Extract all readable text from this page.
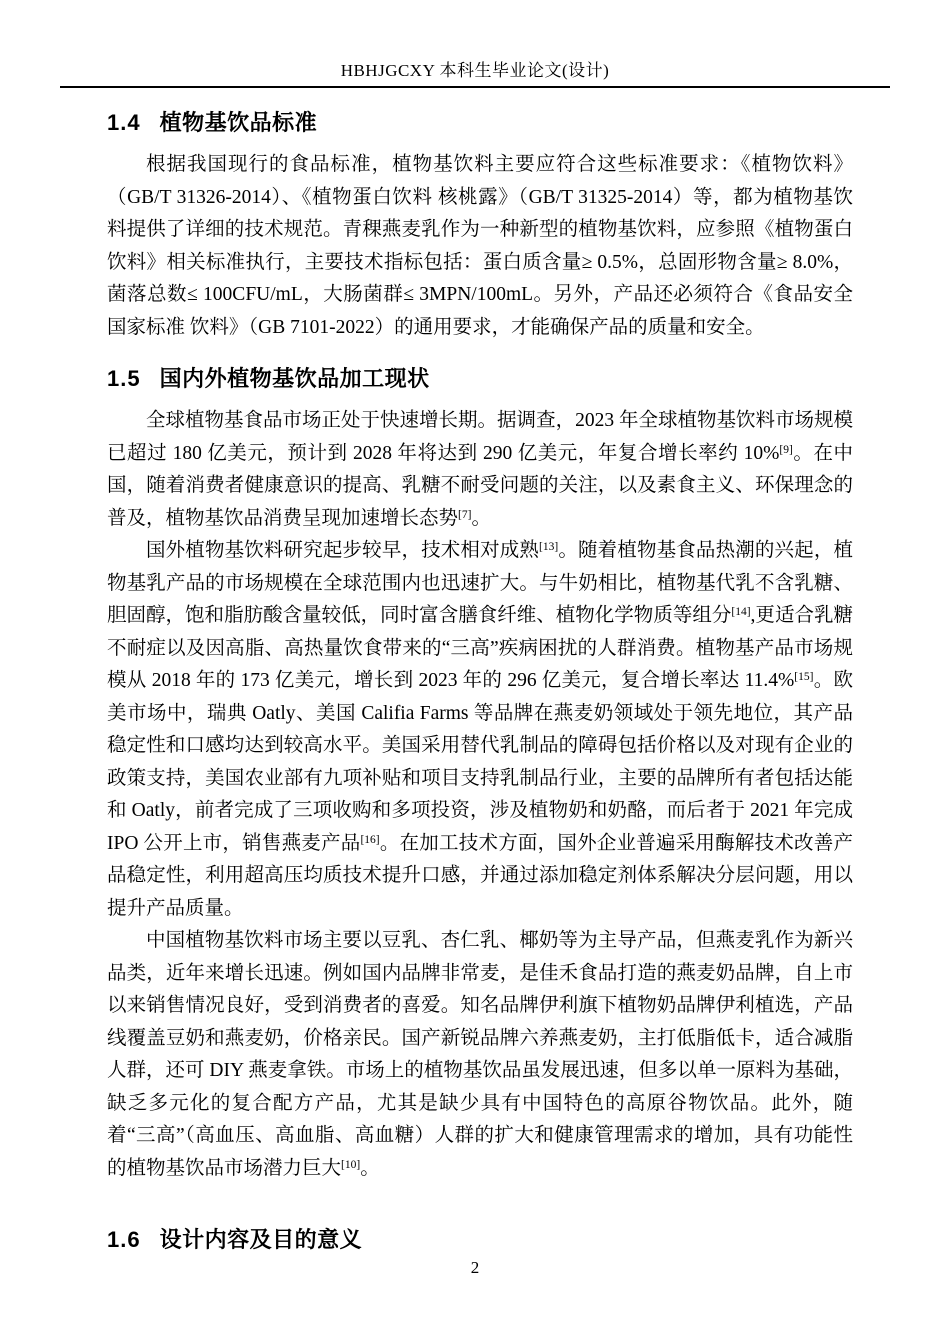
HBHJGCXY 本科生毕业论文(设计)
1.4 植物基饮品标准

根据我国现行的食品标准，植物基饮料主要应符合这些标准要求：《植物饮料》（GB/T 31326-2014）、《植物蛋白饮料 核桃露》（GB/T 31325-2014）等，都为植物基饮料提供了详细的技术规范。青稞燕麦乳作为一种新型的植物基饮料，应参照《植物蛋白饮料》相关标准执行，主要技术指标包括：蛋白质含量≥ 0.5%，总固形物含量≥ 8.0%，菌落总数≤ 100CFU/mL，大肠菌群≤ 3MPN/100mL。另外，产品还必须符合《食品安全国家标准 饮料》（GB 7101-2022）的通用要求，才能确保产品的质量和安全。

1.5 国内外植物基饮品加工现状

全球植物基食品市场正处于快速增长期。据调查，2023 年全球植物基饮料市场规模已超过 180 亿美元，预计到 2028 年将达到 290 亿美元，年复合增长率约 10%[9]。在中国，随着消费者健康意识的提高、乳糖不耐受问题的关注，以及素食主义、环保理念的普及，植物基饮品消费呈现加速增长态势[7]。

国外植物基饮料研究起步较早，技术相对成熟[13]。随着植物基食品热潮的兴起，植物基乳产品的市场规模在全球范围内也迅速扩大。与牛奶相比，植物基代乳不含乳糖、胆固醇，饱和脂肪酸含量较低，同时富含膳食纤维、植物化学物质等组分[14],更适合乳糖不耐症以及因高脂、高热量饮食带来的“三高”疾病困扰的人群消费。植物基产品市场规模从 2018 年的 173 亿美元，增长到 2023 年的 296 亿美元，复合增长率达 11.4%[15]。欧美市场中，瑞典 Oatly、美国 Califia Farms 等品牌在燕麦奶领域处于领先地位，其产品稳定性和口感均达到较高水平。美国采用替代乳制品的障碍包括价格以及对现有企业的政策支持，美国农业部有九项补贴和项目支持乳制品行业，主要的品牌所有者包括达能和 Oatly，前者完成了三项收购和多项投资，涉及植物奶和奶酪，而后者于 2021 年完成 IPO 公开上市，销售燕麦产品[16]。在加工技术方面，国外企业普遍采用酶解技术改善产品稳定性，利用超高压均质技术提升口感，并通过添加稳定剂体系解决分层问题，用以提升产品质量。

中国植物基饮料市场主要以豆乳、杏仁乳、椰奶等为主导产品，但燕麦乳作为新兴品类，近年来增长迅速。例如国内品牌非常麦，是佳禾食品打造的燕麦奶品牌，自上市以来销售情况良好，受到消费者的喜爱。知名品牌伊利旗下植物奶品牌伊利植选，产品线覆盖豆奶和燕麦奶，价格亲民。国产新锐品牌六养燕麦奶，主打低脂低卡，适合减脂人群，还可 DIY 燕麦拿铁。市场上的植物基饮品虽发展迅速，但多以单一原料为基础，缺乏多元化的复合配方产品，尤其是缺少具有中国特色的高原谷物饮品。此外，随着“三高”（高血压、高血脂、高血糖）人群的扩大和健康管理需求的增加，具有功能性的植物基饮品市场潜力巨大[10]。

1.6 设计内容及目的意义
2
